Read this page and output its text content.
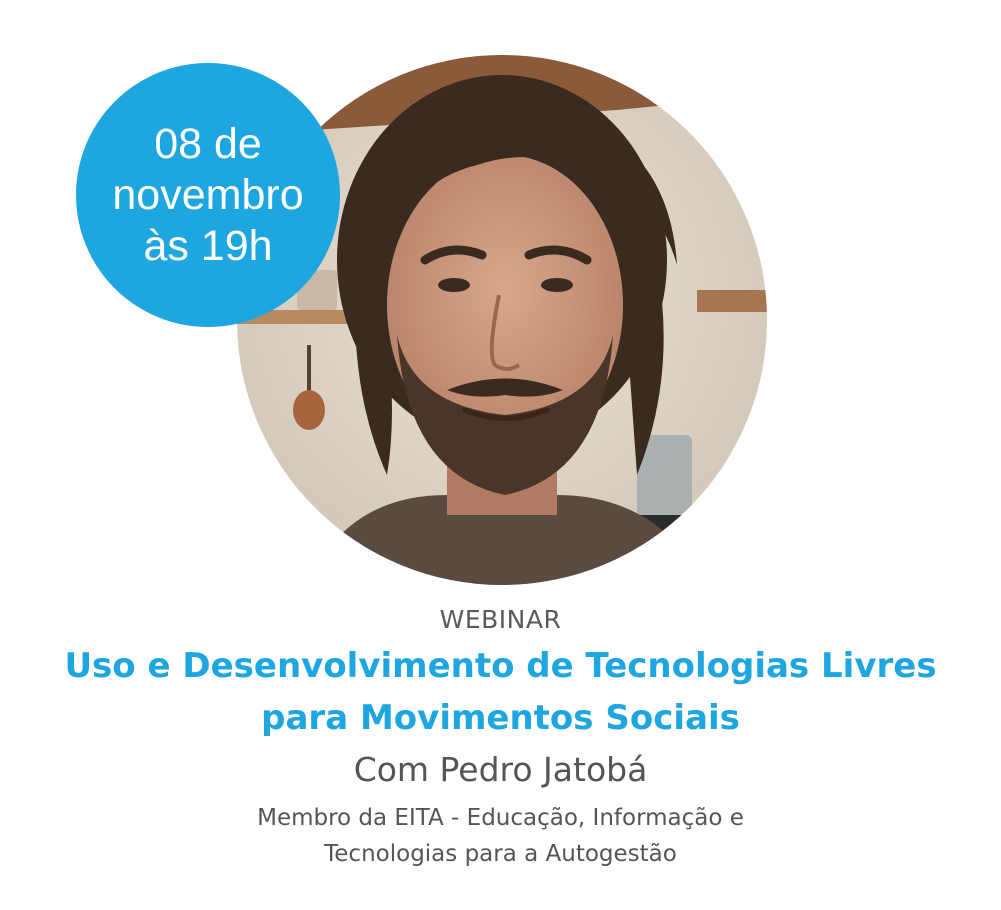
08 de
novembro
às 19h
WEBINAR
Uso e Desenvolvimento de Tecnologias Livres
para Movimentos Sociais
Com Pedro Jatobá
Membro da EITA - Educação, Informação e
Tecnologias para a Autogestão
